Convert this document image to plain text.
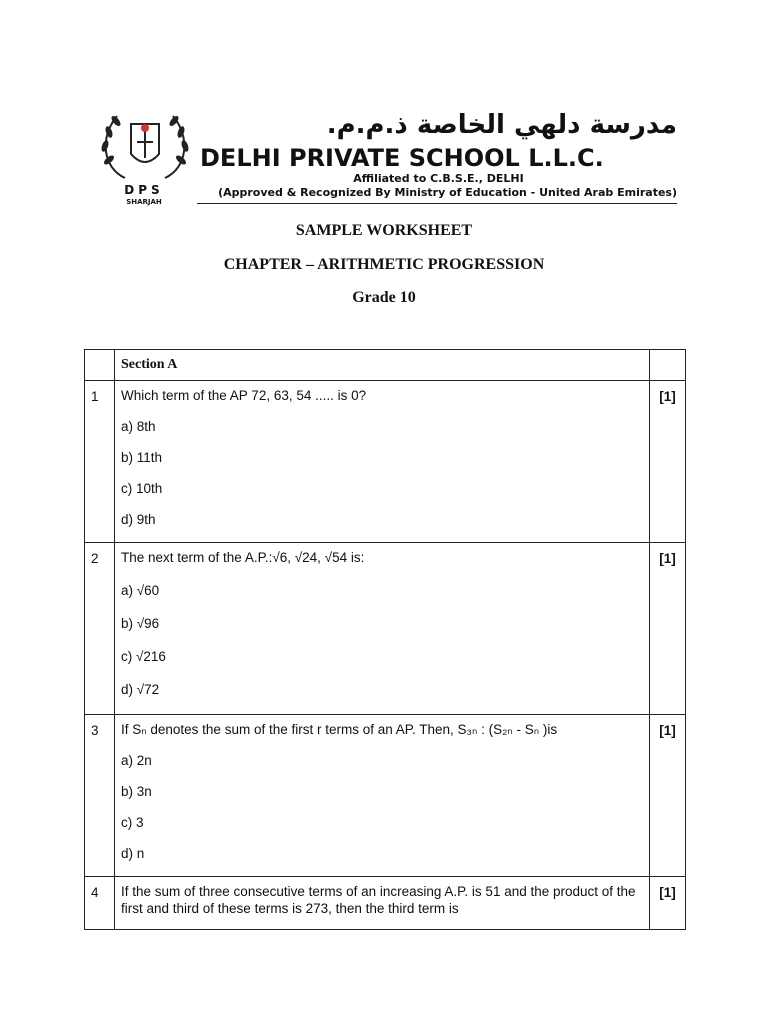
DPS
SHARJAH
مدرسة دلهي الخاصة ذ.م.م.
DELHI PRIVATE SCHOOL L.L.C.
Affiliated to C.B.S.E., DELHI
(Approved & Recognized By Ministry of Education - United Arab Emirates)
SAMPLE WORKSHEET
CHAPTER – ARITHMETIC PROGRESSION
Grade 10
	Section A	
1	Which term of the AP 72, 63, 54 ..... is 0?
a) 8th
b) 11th
c) 10th
d) 9th	[1]
2	The next term of the A.P.:√6, √24, √54 is:
a) √60
b) √96
c) √216
d) √72	[1]
3	If Sₙ denotes the sum of the first r terms of an AP. Then, S₃ₙ : (S₂ₙ - Sₙ )is
a) 2n
b) 3n
c) 3
d) n	[1]
4	If the sum of three consecutive terms of an increasing A.P. is 51 and the product of the first and third of these terms is 273, then the third term is	[1]
